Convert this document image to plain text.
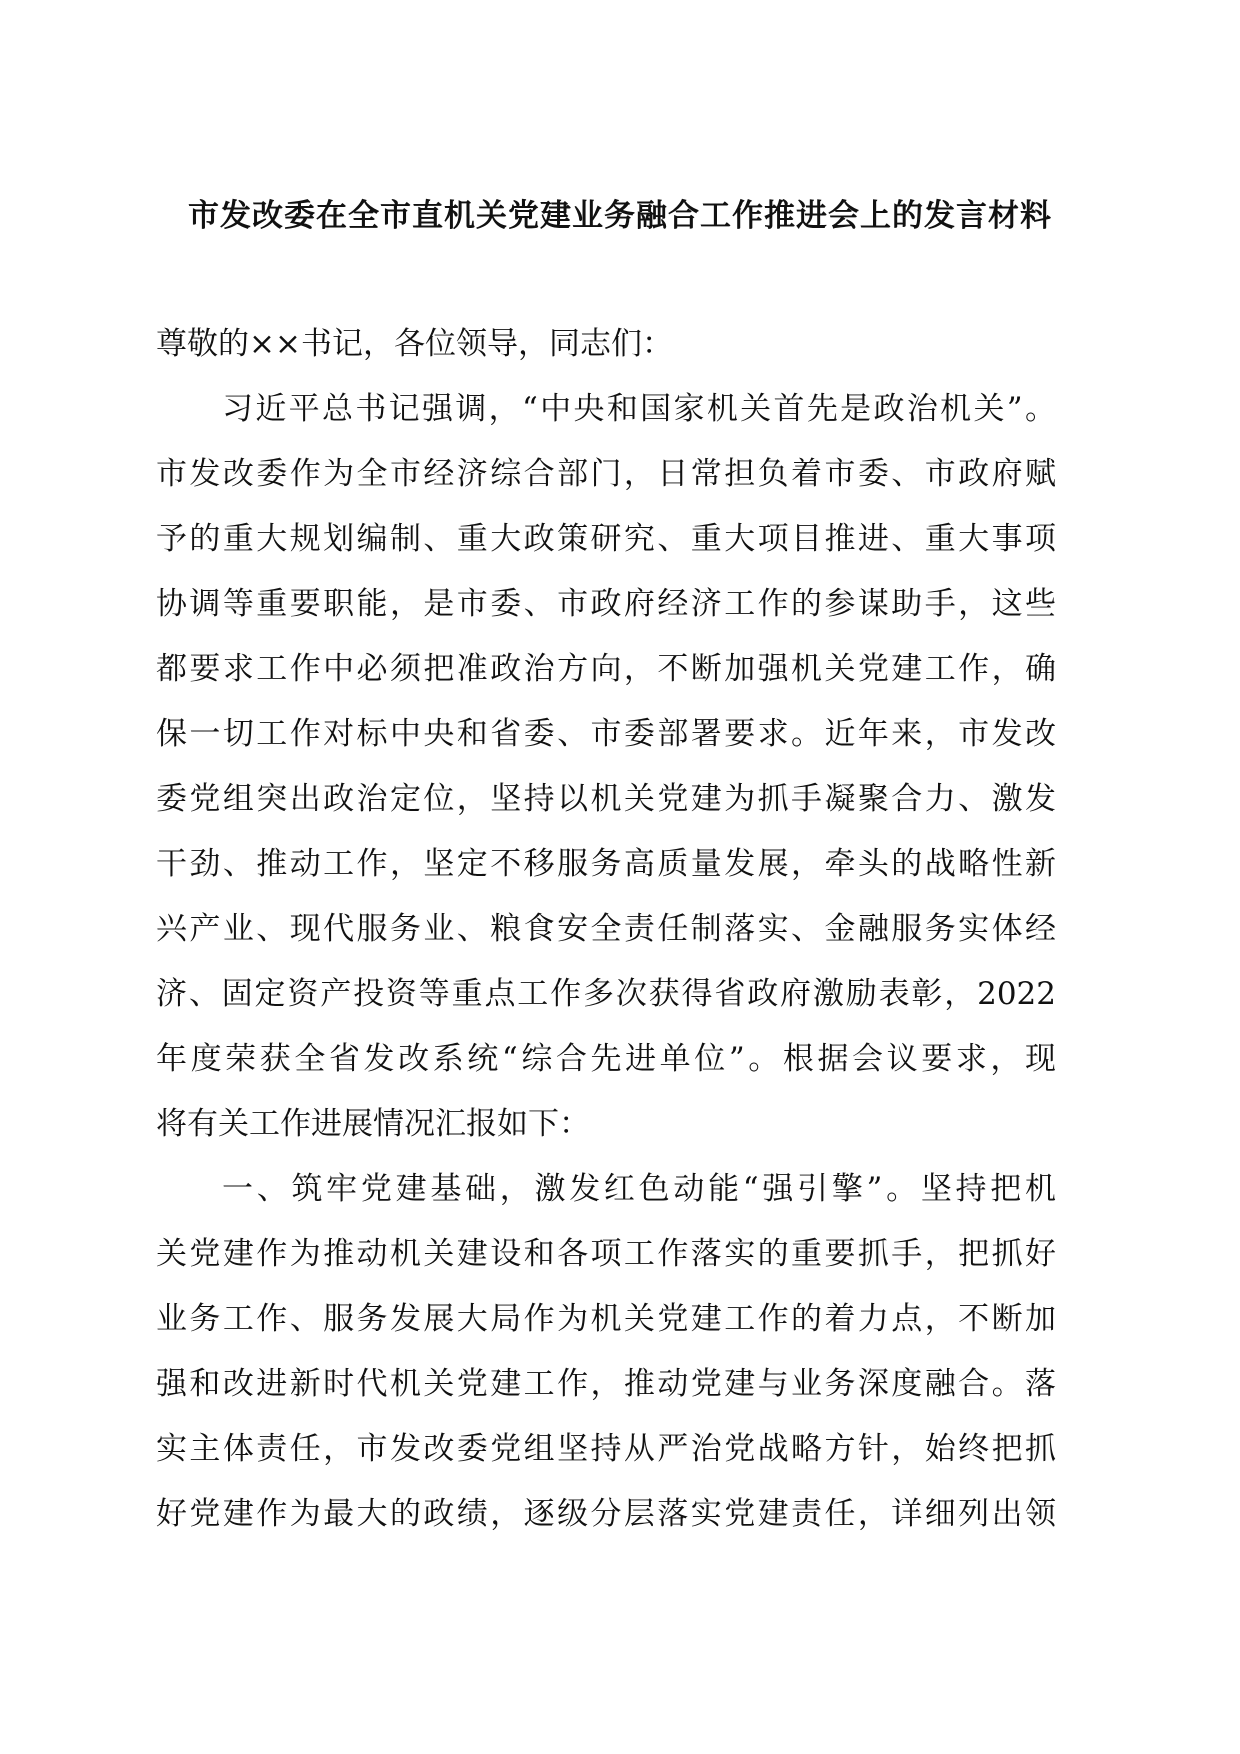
市发改委在全市直机关党建业务融合工作推进会上的发言材料
尊敬的××书记，各位领导，同志们：
习近平总书记强调，“中央和国家机关首先是政治机关”。
市发改委作为全市经济综合部门，日常担负着市委、市政府赋
予的重大规划编制、重大政策研究、重大项目推进、重大事项
协调等重要职能，是市委、市政府经济工作的参谋助手，这些
都要求工作中必须把准政治方向，不断加强机关党建工作，确
保一切工作对标中央和省委、市委部署要求。近年来，市发改
委党组突出政治定位，坚持以机关党建为抓手凝聚合力、激发
干劲、推动工作，坚定不移服务高质量发展，牵头的战略性新
兴产业、现代服务业、粮食安全责任制落实、金融服务实体经
济、固定资产投资等重点工作多次获得省政府激励表彰，2022
年度荣获全省发改系统“综合先进单位”。根据会议要求，现
将有关工作进展情况汇报如下：
一、筑牢党建基础，激发红色动能“强引擎”。坚持把机
关党建作为推动机关建设和各项工作落实的重要抓手，把抓好
业务工作、服务发展大局作为机关党建工作的着力点，不断加
强和改进新时代机关党建工作，推动党建与业务深度融合。落
实主体责任，市发改委党组坚持从严治党战略方针，始终把抓
好党建作为最大的政绩，逐级分层落实党建责任，详细列出领
